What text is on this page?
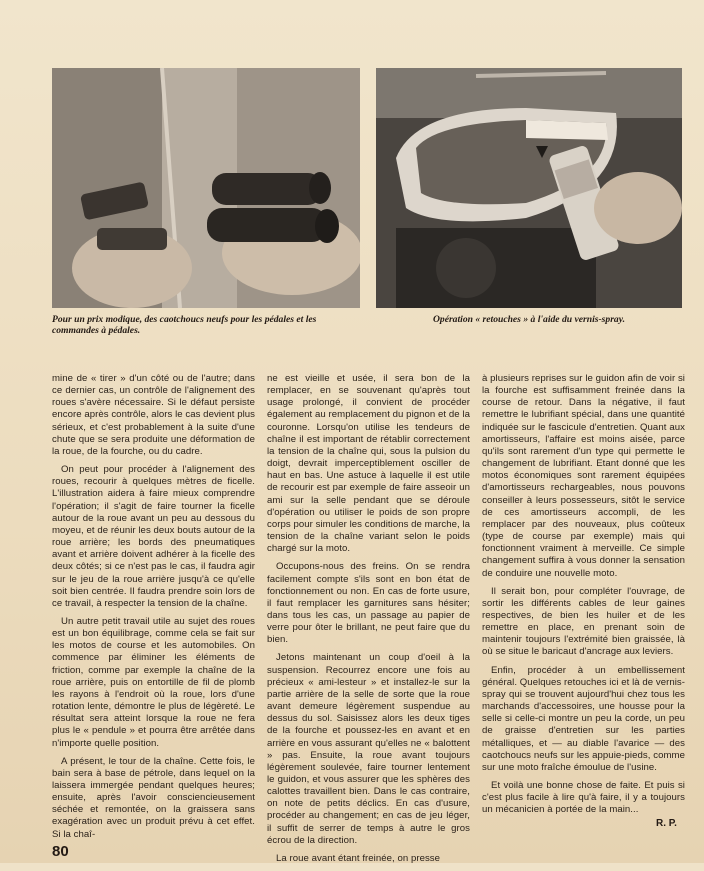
Pour un prix modique, des caotchoucs neufs pour les pédales et les commandes à pédales.
Opération « retouches » à l'aide du vernis-spray.

mine de « tirer » d'un côté ou de l'autre; dans ce dernier cas, un contrôle de l'alignement des roues s'avère nécessaire. Si le défaut persiste encore après contrôle, alors le cas devient plus sérieux, et c'est probablement à la suite d'une chute que se sera produite une déformation de la roue, de la fourche, ou du cadre.

On peut pour procéder à l'alignement des roues, recourir à quelques mètres de ficelle. L'illustration aidera à faire mieux comprendre l'opération; il s'agit de faire tourner la ficelle autour de la roue avant un peu au dessous du moyeu, et de réunir les deux bouts autour de la roue arrière; les bords des pneumatiques avant et arrière doivent adhérer à la ficelle des deux côtés; si ce n'est pas le cas, il faudra agir sur le jeu de la roue arrière jusqu'à ce qu'elle soit bien centrée. Il faudra prendre soin lors de ce travail, à respecter la tension de la chaîne.

Un autre petit travail utile au sujet des roues est un bon équilibrage, comme cela se fait sur les motos de course et les automobiles. On commence par éliminer les éléments de friction, comme par exemple la chaîne de la roue arrière, puis on entortille de fil de plomb les rayons à l'endroit où la roue, lors d'une rotation lente, démontre le plus de légèreté. Le résultat sera atteint lorsque la roue ne fera plus le « pendule » et pourra être arrêtée dans n'importe quelle position.

A présent, le tour de la chaîne. Cette fois, le bain sera à base de pétrole, dans lequel on la laissera immergée pendant quelques heures; ensuite, après l'avoir consciencieusement séchée et remontée, on la graissera sans exagération avec un produit prévu à cet effet. Si la chaî-

ne est vieille et usée, il sera bon de la remplacer, en se souvenant qu'après tout usage prolongé, il convient de procéder également au remplacement du pignon et de la couronne. Lorsqu'on utilise les tendeurs de chaîne il est important de rétablir correctement la tension de la chaîne qui, sous la pulsion du doigt, devrait imperceptiblement osciller de haut en bas. Une astuce à laquelle il est utile de recourir est par exemple de faire asseoir un ami sur la selle pendant que se déroule d'opération ou utiliser le poids de son propre corps pour simuler les conditions de marche, la tension de la chaîne variant selon le poids chargé sur la moto.

Occupons-nous des freins. On se rendra facilement compte s'ils sont en bon état de fonctionnement ou non. En cas de forte usure, il faut remplacer les garnitures sans hésiter; dans tous les cas, un passage au papier de verre pour ôter le brillant, ne peut faire que du bien.

Jetons maintenant un coup d'oeil à la suspension. Recourrez encore une fois au précieux « ami-lesteur » et installez-le sur la partie arrière de la selle de sorte que la roue avant demeure légèrement suspendue au dessus du sol. Saisissez alors les deux tiges de la fourche et poussez-les en avant et en arrière en vous assurant qu'elles ne « balottent » pas. Ensuite, la roue avant toujours légèrement soulevée, faire tourner lentement le guidon, et vous assurer que les sphères des calottes travaillent bien. Dans le cas contraire, on note de petits déclics. En cas d'usure, procéder au changement; en cas de jeu léger, il suffit de serrer de temps à autre le gros écrou de la direction.

La roue avant étant freinée, on presse

à plusieurs reprises sur le guidon afin de voir si la fourche est suffisamment freinée dans la course de retour. Dans la négative, il faut remettre le lubrifiant spécial, dans une quantité indiquée sur le fascicule d'entretien. Quant aux amortisseurs, l'affaire est moins aisée, parce qu'ils sont rarement d'un type qui permette le changement de lubrifiant. Etant donné que les motos économiques sont rarement équipées d'amortisseurs rechargeables, nous pouvons conseiller à leurs possesseurs, sitôt le service de ces amortisseurs accompli, de les remplacer par des nouveaux, plus coûteux (type de course par exemple) mais qui fonctionnent vraiment à merveille. Ce simple changement suffira à vous donner la sensation de conduire une nouvelle moto.

Il serait bon, pour compléter l'ouvrage, de sortir les différents cables de leur gaines respectives, de bien les huiler et de les remettre en place, en prenant soin de maintenir toujours l'extrémité bien graissée, là où se situe le baricaut d'ancrage aux leviers.

Enfin, procéder à un embellissement général. Quelques retouches ici et là de vernis-spray qui se trouvent aujourd'hui chez tous les marchands d'accessoires, une housse pour la selle si celle-ci montre un peu la corde, un peu de graisse d'entretien sur les parties métalliques, et — au diable l'avarice — des caotchoucs neufs sur les appuie-pieds, comme sur une moto fraîche émoulue de l'usine.

Et voilà une bonne chose de faite. Et puis si c'est plus facile à lire qu'à faire, il y a toujours un mécanicien à portée de la main...

R. P.
80
